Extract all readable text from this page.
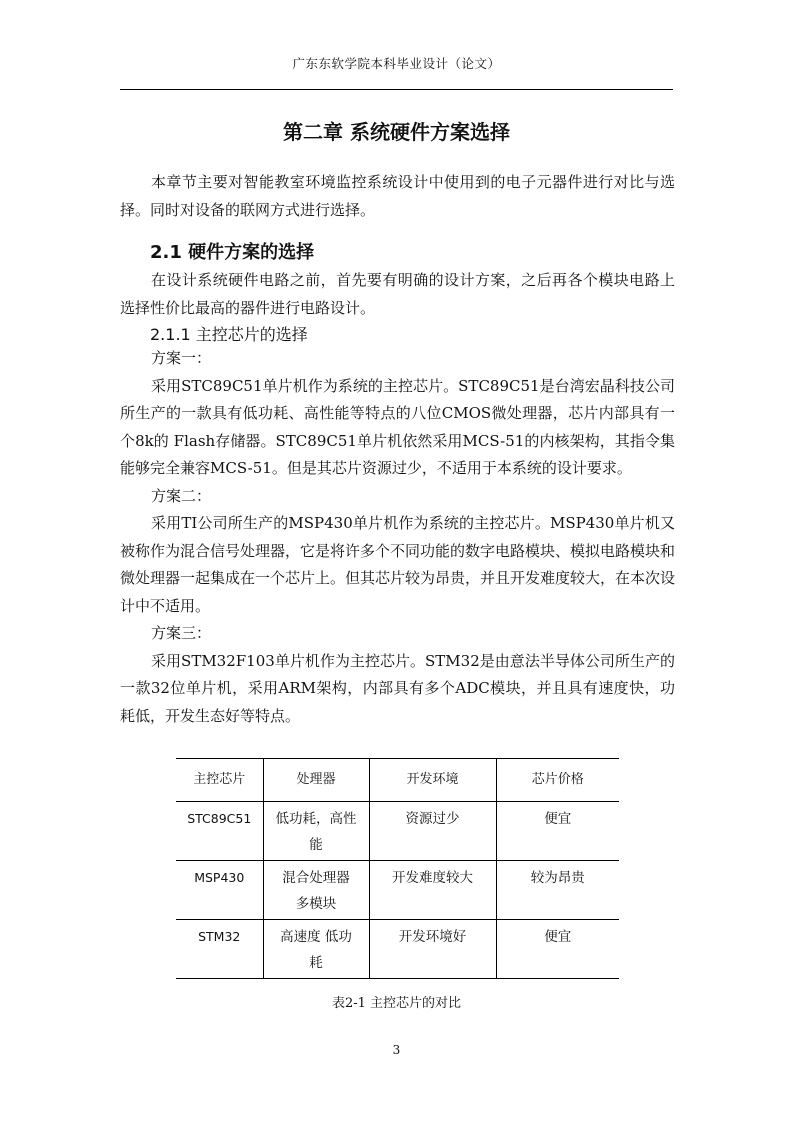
广东东软学院本科毕业设计（论文）
第二章 系统硬件方案选择

本章节主要对智能教室环境监控系统设计中使用到的电子元器件进行对比与选择。同时对设备的联网方式进行选择。

2.1 硬件方案的选择

在设计系统硬件电路之前，首先要有明确的设计方案，之后再各个模块电路上选择性价比最高的器件进行电路设计。

2.1.1 主控芯片的选择

方案一：

采用STC89C51单片机作为系统的主控芯片。STC89C51是台湾宏晶科技公司所生产的一款具有低功耗、高性能等特点的八位CMOS微处理器，芯片内部具有一个8k的 Flash存储器。STC89C51单片机依然采用MCS-51的内核架构，其指令集能够完全兼容MCS-51。但是其芯片资源过少，不适用于本系统的设计要求。

方案二：

采用TI公司所生产的MSP430单片机作为系统的主控芯片。MSP430单片机又被称作为混合信号处理器，它是将许多个不同功能的数字电路模块、模拟电路模块和微处理器一起集成在一个芯片上。但其芯片较为昂贵，并且开发难度较大，在本次设计中不适用。

方案三：

采用STM32F103单片机作为主控芯片。STM32是由意法半导体公司所生产的一款32位单片机，采用ARM架构，内部具有多个ADC模块，并且具有速度快，功耗低，开发生态好等特点。

主控芯片	处理器	开发环境	芯片价格
STC89C51	低功耗，高性能	资源过少	便宜
MSP430	混合处理器多模块	开发难度较大	较为昂贵
STM32	高速度 低功耗	开发环境好	便宜
表2-1 主控芯片的对比
3
